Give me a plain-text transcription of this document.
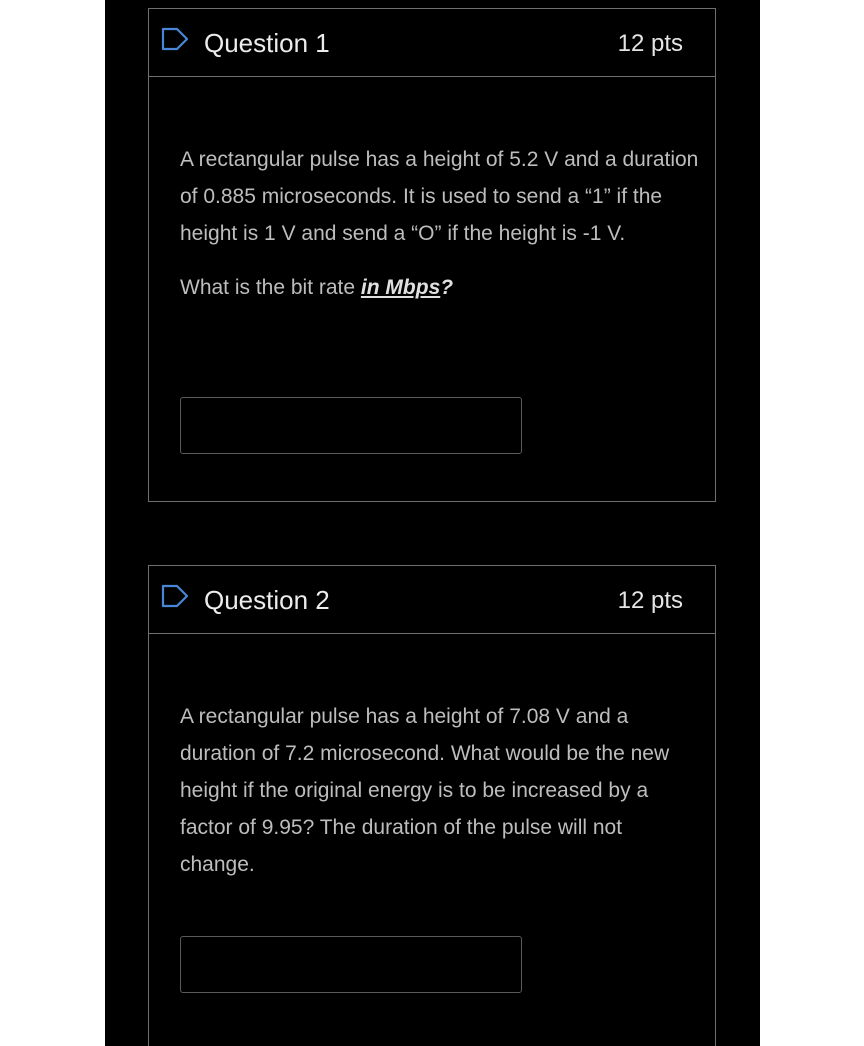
Question 1	12 pts

A rectangular pulse has a height of 5.2 V and a duration of 0.885 microseconds. It is used to send a “1” if the height is 1 V and send a “O” if the height is -1 V.

What is the bit rate in Mbps?

Question 2	12 pts

A rectangular pulse has a height of 7.08 V and a duration of 7.2 microsecond. What would be the new height if the original energy is to be increased by a factor of 9.95? The duration of the pulse will not change.
